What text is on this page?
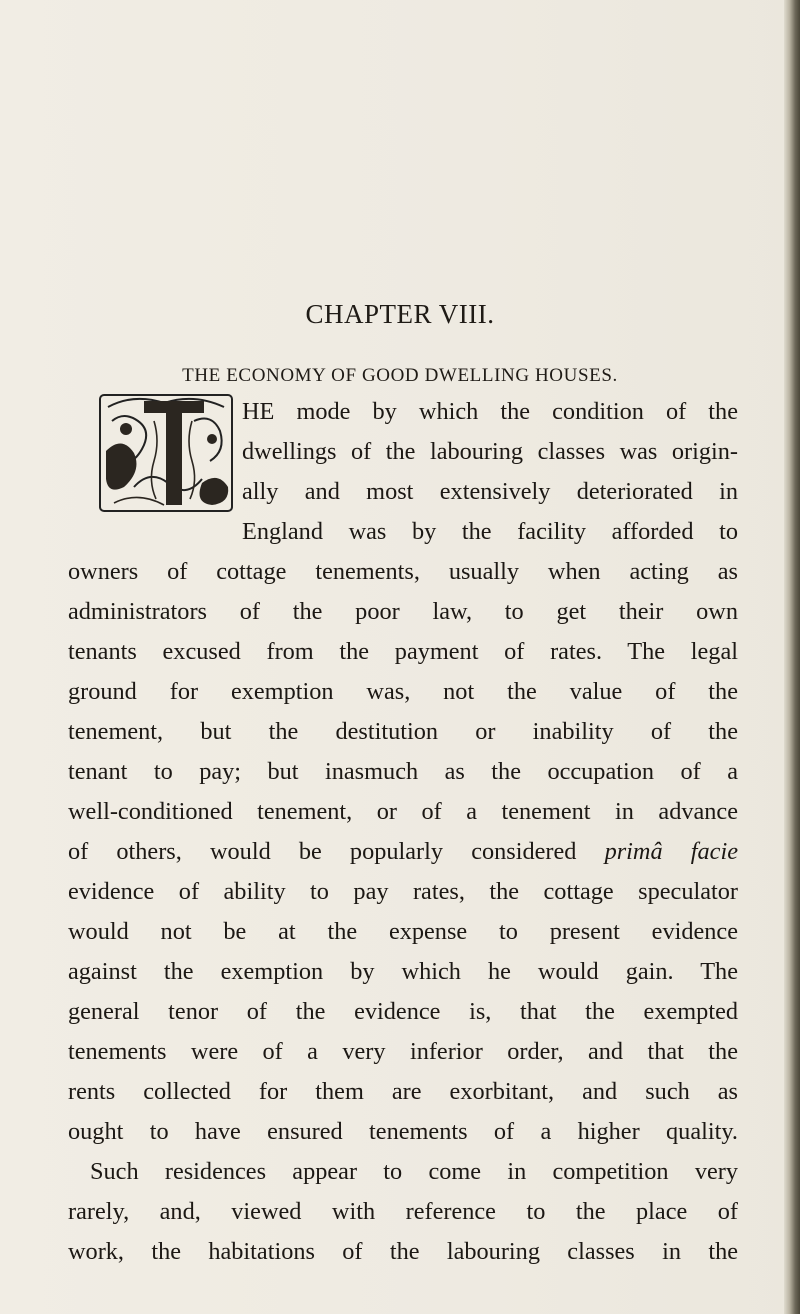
CHAPTER VIII.
THE ECONOMY OF GOOD DWELLING HOUSES.
HE mode by which the condition of the
dwellings of the labouring classes was origin-
ally and most extensively deteriorated in
England was by the facility afforded to
owners of cottage tenements, usually when acting as
administrators of the poor law, to get their own
tenants excused from the payment of rates. The legal
ground for exemption was, not the value of the
tenement, but the destitution or inability of the
tenant to pay; but inasmuch as the occupation of a
well-conditioned tenement, or of a tenement in advance
of others, would be popularly considered primâ facie
evidence of ability to pay rates, the cottage speculator
would not be at the expense to present evidence
against the exemption by which he would gain. The
general tenor of the evidence is, that the exempted
tenements were of a very inferior order, and that the
rents collected for them are exorbitant, and such as
ought to have ensured tenements of a higher quality.
Such residences appear to come in competition very
rarely, and, viewed with reference to the place of
work, the habitations of the labouring classes in the
